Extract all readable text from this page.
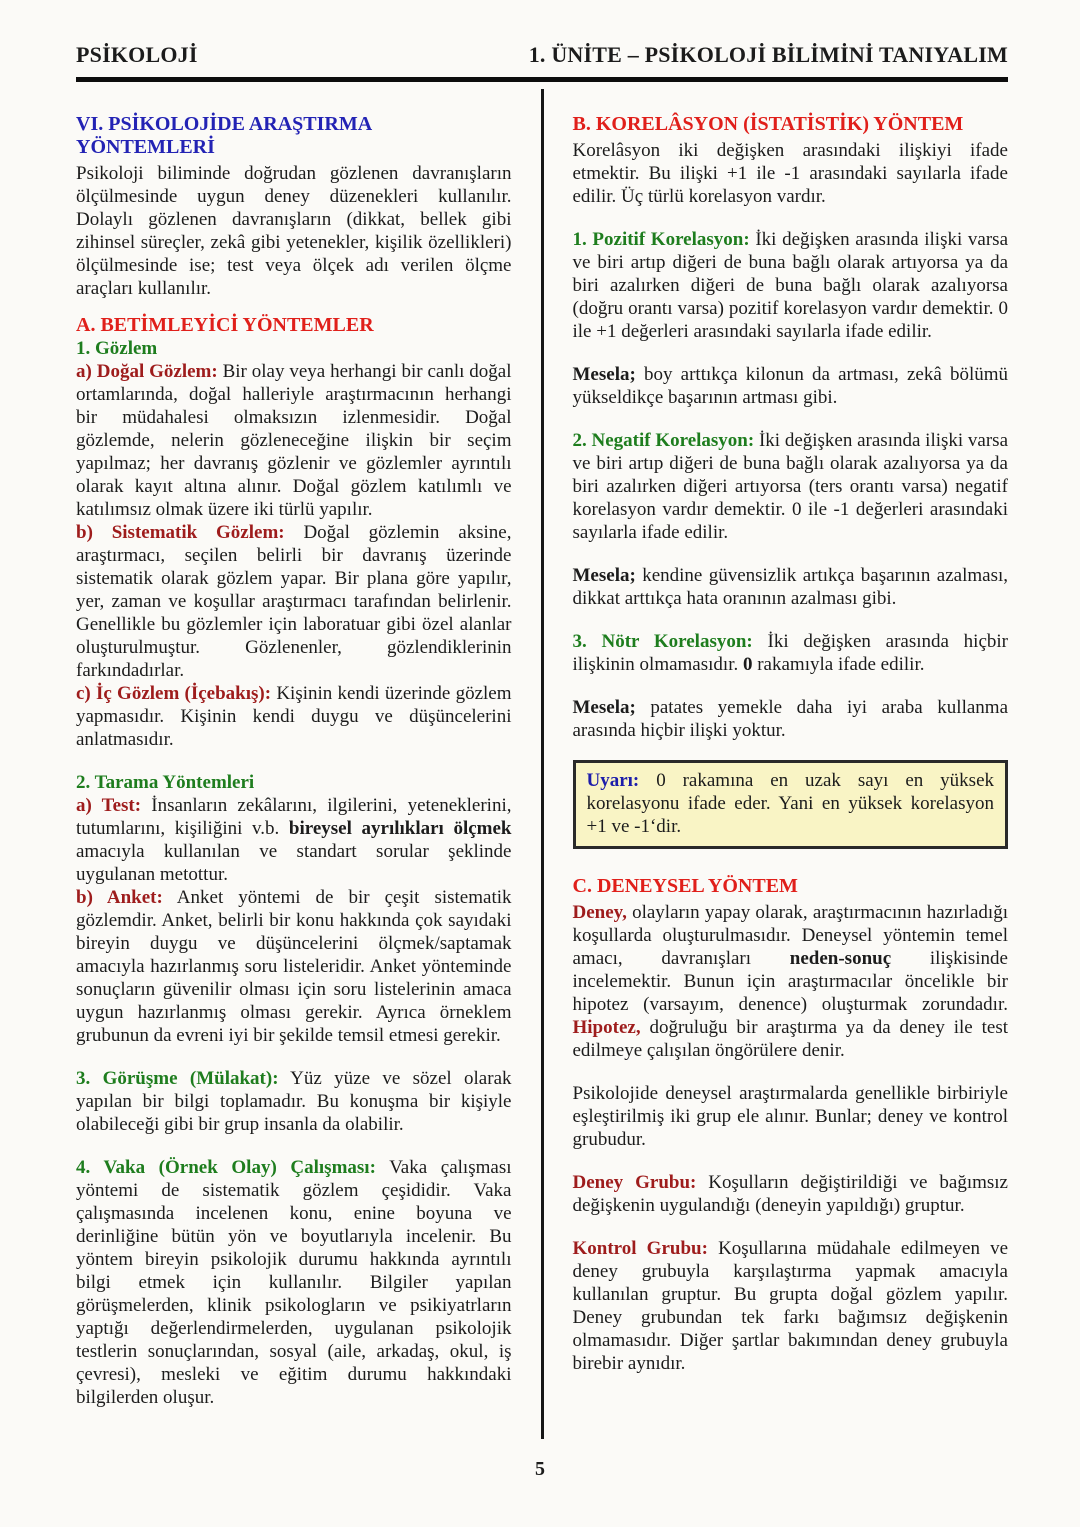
PSİKOLOJİ	1. ÜNİTE – PSİKOLOJİ BİLİMİNİ TANIYALIM

VI. PSİKOLOJİDE ARAŞTIRMA YÖNTEMLERİ

Psikoloji biliminde doğrudan gözlenen davranışların ölçülmesinde uygun deney düzenekleri kullanılır. Dolaylı gözlenen davranışların (dikkat, bellek gibi zihinsel süreçler, zekâ gibi yetenekler, kişilik özellikleri) ölçülmesinde ise; test veya ölçek adı verilen ölçme araçları kullanılır.

A. BETİMLEYİCİ YÖNTEMLER

1. Gözlem

a) Doğal Gözlem: Bir olay veya herhangi bir canlı doğal ortamlarında, doğal halleriyle araştırmacının herhangi bir müdahalesi olmaksızın izlenmesidir. Doğal gözlemde, nelerin gözleneceğine ilişkin bir seçim yapılmaz; her davranış gözlenir ve gözlemler ayrıntılı olarak kayıt altına alınır. Doğal gözlem katılımlı ve katılımsız olmak üzere iki türlü yapılır.

b) Sistematik Gözlem: Doğal gözlemin aksine, araştırmacı, seçilen belirli bir davranış üzerinde sistematik olarak gözlem yapar. Bir plana göre yapılır, yer, zaman ve koşullar araştırmacı tarafından belirlenir. Genellikle bu gözlemler için laboratuar gibi özel alanlar oluşturulmuştur. Gözlenenler, gözlendiklerinin farkındadırlar.

c) İç Gözlem (İçebakış): Kişinin kendi üzerinde gözlem yapmasıdır. Kişinin kendi duygu ve düşüncelerini anlatmasıdır.

2. Tarama Yöntemleri

a) Test: İnsanların zekâlarını, ilgilerini, yeteneklerini, tutumlarını, kişiliğini v.b. bireysel ayrılıkları ölçmek amacıyla kullanılan ve standart sorular şeklinde uygulanan metottur.

b) Anket: Anket yöntemi de bir çeşit sistematik gözlemdir. Anket, belirli bir konu hakkında çok sayıdaki bireyin duygu ve düşüncelerini ölçmek/saptamak amacıyla hazırlanmış soru listeleridir. Anket yönteminde sonuçların güvenilir olması için soru listelerinin amaca uygun hazırlanmış olması gerekir. Ayrıca örneklem grubunun da evreni iyi bir şekilde temsil etmesi gerekir.

3. Görüşme (Mülakat): Yüz yüze ve sözel olarak yapılan bir bilgi toplamadır. Bu konuşma bir kişiyle olabileceği gibi bir grup insanla da olabilir.

4. Vaka (Örnek Olay) Çalışması: Vaka çalışması yöntemi de sistematik gözlem çeşididir. Vaka çalışmasında incelenen konu, enine boyuna ve derinliğine bütün yön ve boyutlarıyla incelenir. Bu yöntem bireyin psikolojik durumu hakkında ayrıntılı bilgi etmek için kullanılır. Bilgiler yapılan görüşmelerden, klinik psikologların ve psikiyatrların yaptığı değerlendirmelerden, uygulanan psikolojik testlerin sonuçlarından, sosyal (aile, arkadaş, okul, iş çevresi), mesleki ve eğitim durumu hakkındaki bilgilerden oluşur.

B. KORELÂSYON (İSTATİSTİK) YÖNTEM

Korelâsyon iki değişken arasındaki ilişkiyi ifade etmektir. Bu ilişki +1 ile -1 arasındaki sayılarla ifade edilir. Üç türlü korelasyon vardır.

1. Pozitif Korelasyon: İki değişken arasında ilişki varsa ve biri artıp diğeri de buna bağlı olarak artıyorsa ya da biri azalırken diğeri de buna bağlı olarak azalıyorsa (doğru orantı varsa) pozitif korelasyon vardır demektir. 0 ile +1 değerleri arasındaki sayılarla ifade edilir.

Mesela; boy arttıkça kilonun da artması, zekâ bölümü yükseldikçe başarının artması gibi.

2. Negatif Korelasyon: İki değişken arasında ilişki varsa ve biri artıp diğeri de buna bağlı olarak azalıyorsa ya da biri azalırken diğeri artıyorsa (ters orantı varsa) negatif korelasyon vardır demektir. 0 ile -1 değerleri arasındaki sayılarla ifade edilir.

Mesela; kendine güvensizlik artıkça başarının azalması, dikkat arttıkça hata oranının azalması gibi.

3. Nötr Korelasyon: İki değişken arasında hiçbir ilişkinin olmamasıdır. 0 rakamıyla ifade edilir.

Mesela; patates yemekle daha iyi araba kullanma arasında hiçbir ilişki yoktur.

Uyarı: 0 rakamına en uzak sayı en yüksek korelasyonu ifade eder. Yani en yüksek korelasyon +1 ve -1‘dir.

C. DENEYSEL YÖNTEM

Deney, olayların yapay olarak, araştırmacının hazırladığı koşullarda oluşturulmasıdır. Deneysel yöntemin temel amacı, davranışları neden-sonuç ilişkisinde incelemektir. Bunun için araştırmacılar öncelikle bir hipotez (varsayım, denence) oluşturmak zorundadır. Hipotez, doğruluğu bir araştırma ya da deney ile test edilmeye çalışılan öngörülere denir.

Psikolojide deneysel araştırmalarda genellikle birbiriyle eşleştirilmiş iki grup ele alınır. Bunlar; deney ve kontrol grubudur.

Deney Grubu: Koşulların değiştirildiği ve bağımsız değişkenin uygulandığı (deneyin yapıldığı) gruptur.

Kontrol Grubu: Koşullarına müdahale edilmeyen ve deney grubuyla karşılaştırma yapmak amacıyla kullanılan gruptur. Bu grupta doğal gözlem yapılır. Deney grubundan tek farkı bağımsız değişkenin olmamasıdır. Diğer şartlar bakımından deney grubuyla birebir aynıdır.

5
